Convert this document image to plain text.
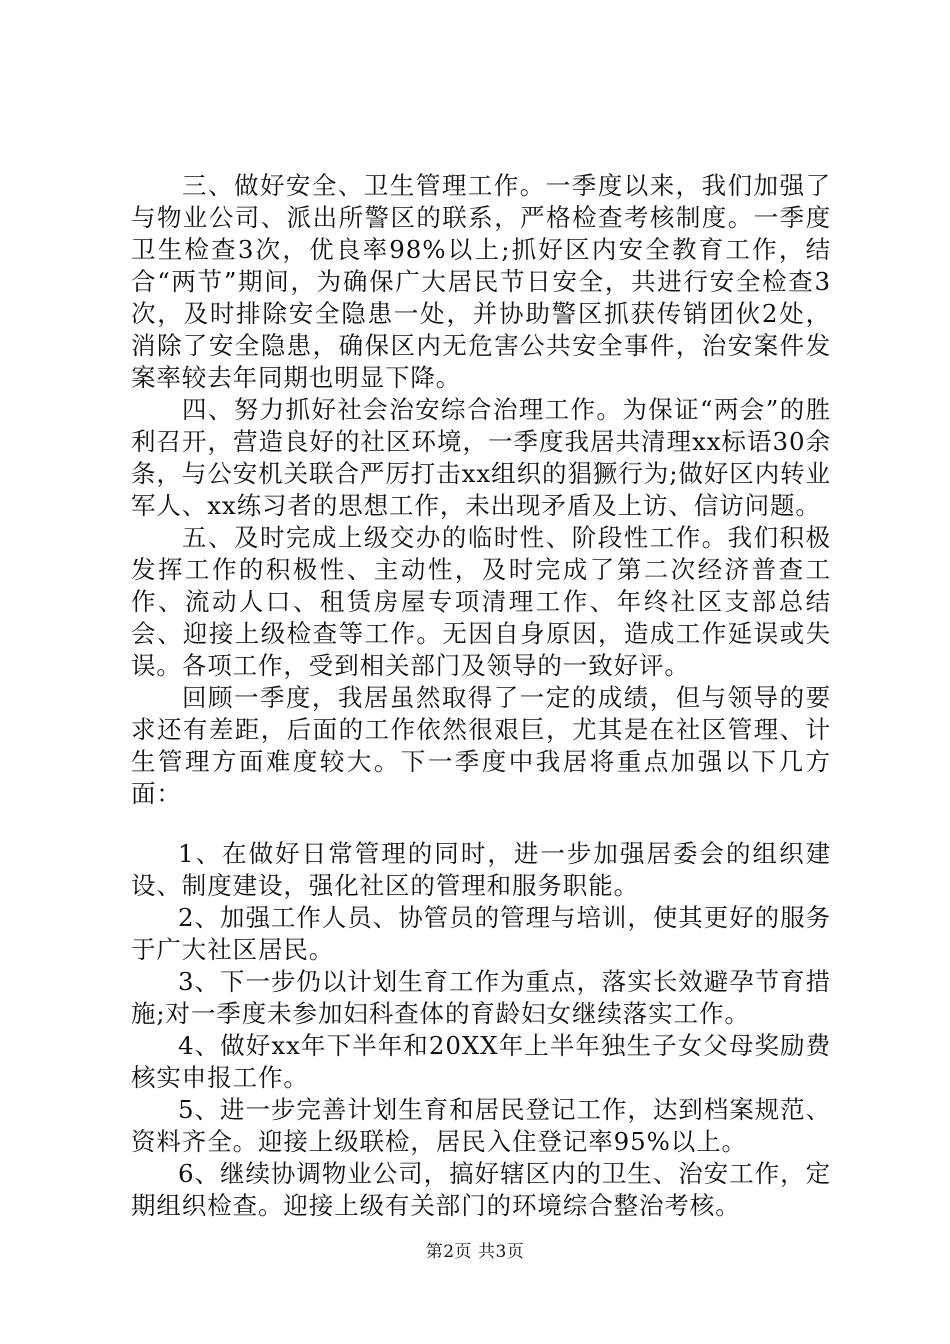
三、做好安全、卫生管理工作。一季度以来，我们加强了与物业公司、派出所警区的联系，严格检查考核制度。一季度卫生检查3次，优良率98%以上;抓好区内安全教育工作，结合“两节”期间，为确保广大居民节日安全，共进行安全检查3次，及时排除安全隐患一处，并协助警区抓获传销团伙2处，消除了安全隐患，确保区内无危害公共安全事件，治安案件发案率较去年同期也明显下降。

四、努力抓好社会治安综合治理工作。为保证“两会”的胜利召开，营造良好的社区环境，一季度我居共清理xx标语30余条，与公安机关联合严厉打击xx组织的猖獗行为;做好区内转业军人、xx练习者的思想工作，未出现矛盾及上访、信访问题。

五、及时完成上级交办的临时性、阶段性工作。我们积极发挥工作的积极性、主动性，及时完成了第二次经济普查工作、流动人口、租赁房屋专项清理工作、年终社区支部总结会、迎接上级检查等工作。无因自身原因，造成工作延误或失误。各项工作，受到相关部门及领导的一致好评。

回顾一季度，我居虽然取得了一定的成绩，但与领导的要求还有差距，后面的工作依然很艰巨，尤其是在社区管理、计生管理方面难度较大。下一季度中我居将重点加强以下几方面：

1、在做好日常管理的同时，进一步加强居委会的组织建设、制度建设，强化社区的管理和服务职能。

2、加强工作人员、协管员的管理与培训，使其更好的服务于广大社区居民。

3、下一步仍以计划生育工作为重点，落实长效避孕节育措施;对一季度未参加妇科查体的育龄妇女继续落实工作。

4、做好xx年下半年和20XX年上半年独生子女父母奖励费核实申报工作。

5、进一步完善计划生育和居民登记工作，达到档案规范、资料齐全。迎接上级联检，居民入住登记率95%以上。

6、继续协调物业公司，搞好辖区内的卫生、治安工作，定期组织检查。迎接上级有关部门的环境综合整治考核。

第2页 共3页
